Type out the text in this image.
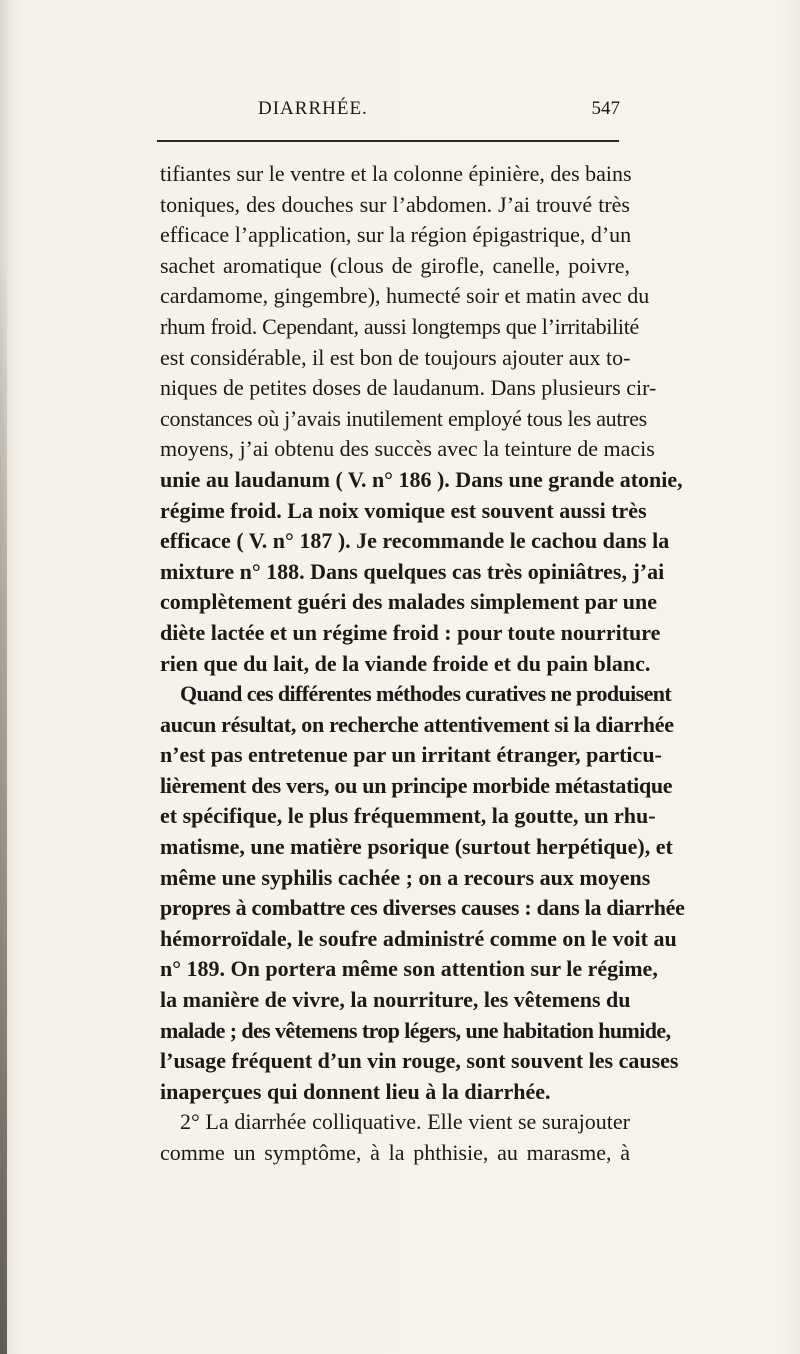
DIARRHÉE.	547
tifiantes sur le ventre et la colonne épinière, des bains
toniques, des douches sur l’abdomen. J’ai trouvé très
efficace l’application, sur la région épigastrique, d’un
sachet aromatique (clous de girofle, canelle, poivre,
cardamome, gingembre), humecté soir et matin avec du
rhum froid. Cependant, aussi longtemps que l’irritabilité
est considérable, il est bon de toujours ajouter aux to-
niques de petites doses de laudanum. Dans plusieurs cir-
constances où j’avais inutilement employé tous les autres
moyens, j’ai obtenu des succès avec la teinture de macis
unie au laudanum ( V. n° 186 ). Dans une grande atonie,
régime froid. La noix vomique est souvent aussi très
efficace ( V. n° 187 ). Je recommande le cachou dans la
mixture n° 188. Dans quelques cas très opiniâtres, j’ai
complètement guéri des malades simplement par une
diète lactée et un régime froid : pour toute nourriture
rien que du lait, de la viande froide et du pain blanc.
Quand ces différentes méthodes curatives ne produisent
aucun résultat, on recherche attentivement si la diarrhée
n’est pas entretenue par un irritant étranger, particu-
lièrement des vers, ou un principe morbide métastatique
et spécifique, le plus fréquemment, la goutte, un rhu-
matisme, une matière psorique (surtout herpétique), et
même une syphilis cachée ; on a recours aux moyens
propres à combattre ces diverses causes : dans la diarrhée
hémorroïdale, le soufre administré comme on le voit au
n° 189. On portera même son attention sur le régime,
la manière de vivre, la nourriture, les vêtemens du
malade ; des vêtemens trop légers, une habitation humide,
l’usage fréquent d’un vin rouge, sont souvent les causes
inaperçues qui donnent lieu à la diarrhée.
2° La diarrhée colliquative. Elle vient se surajouter
comme un symptôme, à la phthisie, au marasme, à
